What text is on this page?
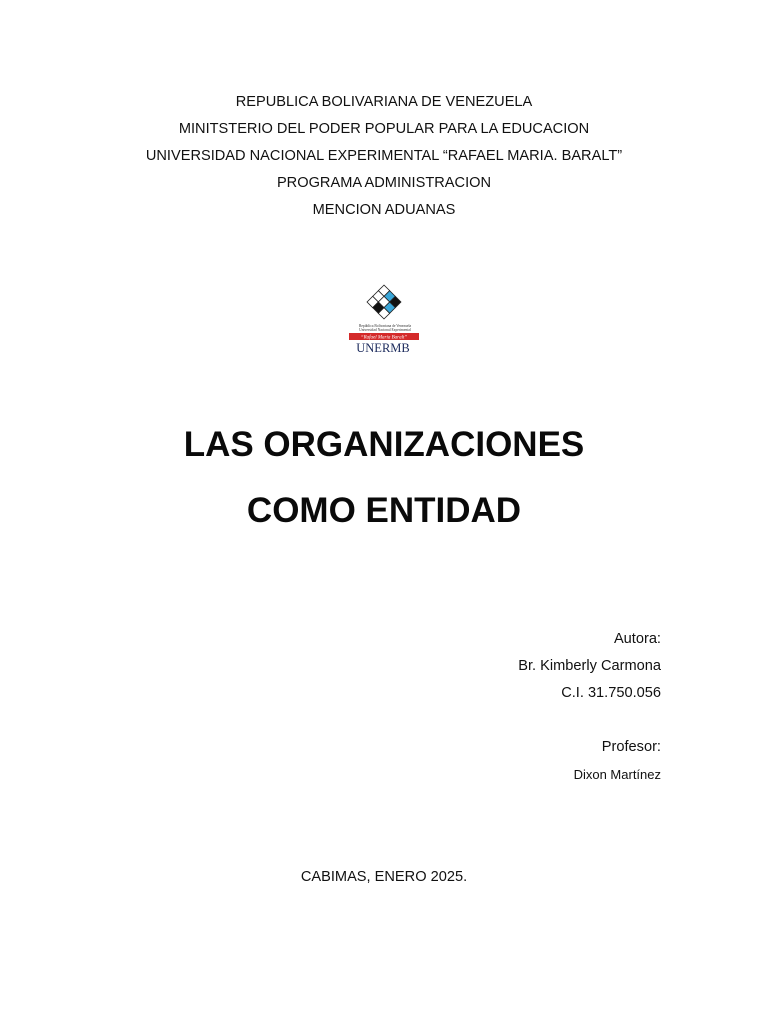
REPUBLICA BOLIVARIANA DE VENEZUELA
MINITSTERIO DEL PODER POPULAR PARA LA EDUCACION
UNIVERSIDAD NACIONAL EXPERIMENTAL “RAFAEL MARIA. BARALT”
PROGRAMA ADMINISTRACION
MENCION ADUANAS
República Bolivariana de Venezuela
Universidad Nacional Experimental
“Rafael María Baralt”
UNERMB
LAS ORGANIZACIONES
COMO ENTIDAD
Autora:
Br. Kimberly Carmona
C.I. 31.750.056
Profesor:
Dixon Martínez
CABIMAS, ENERO 2025.
